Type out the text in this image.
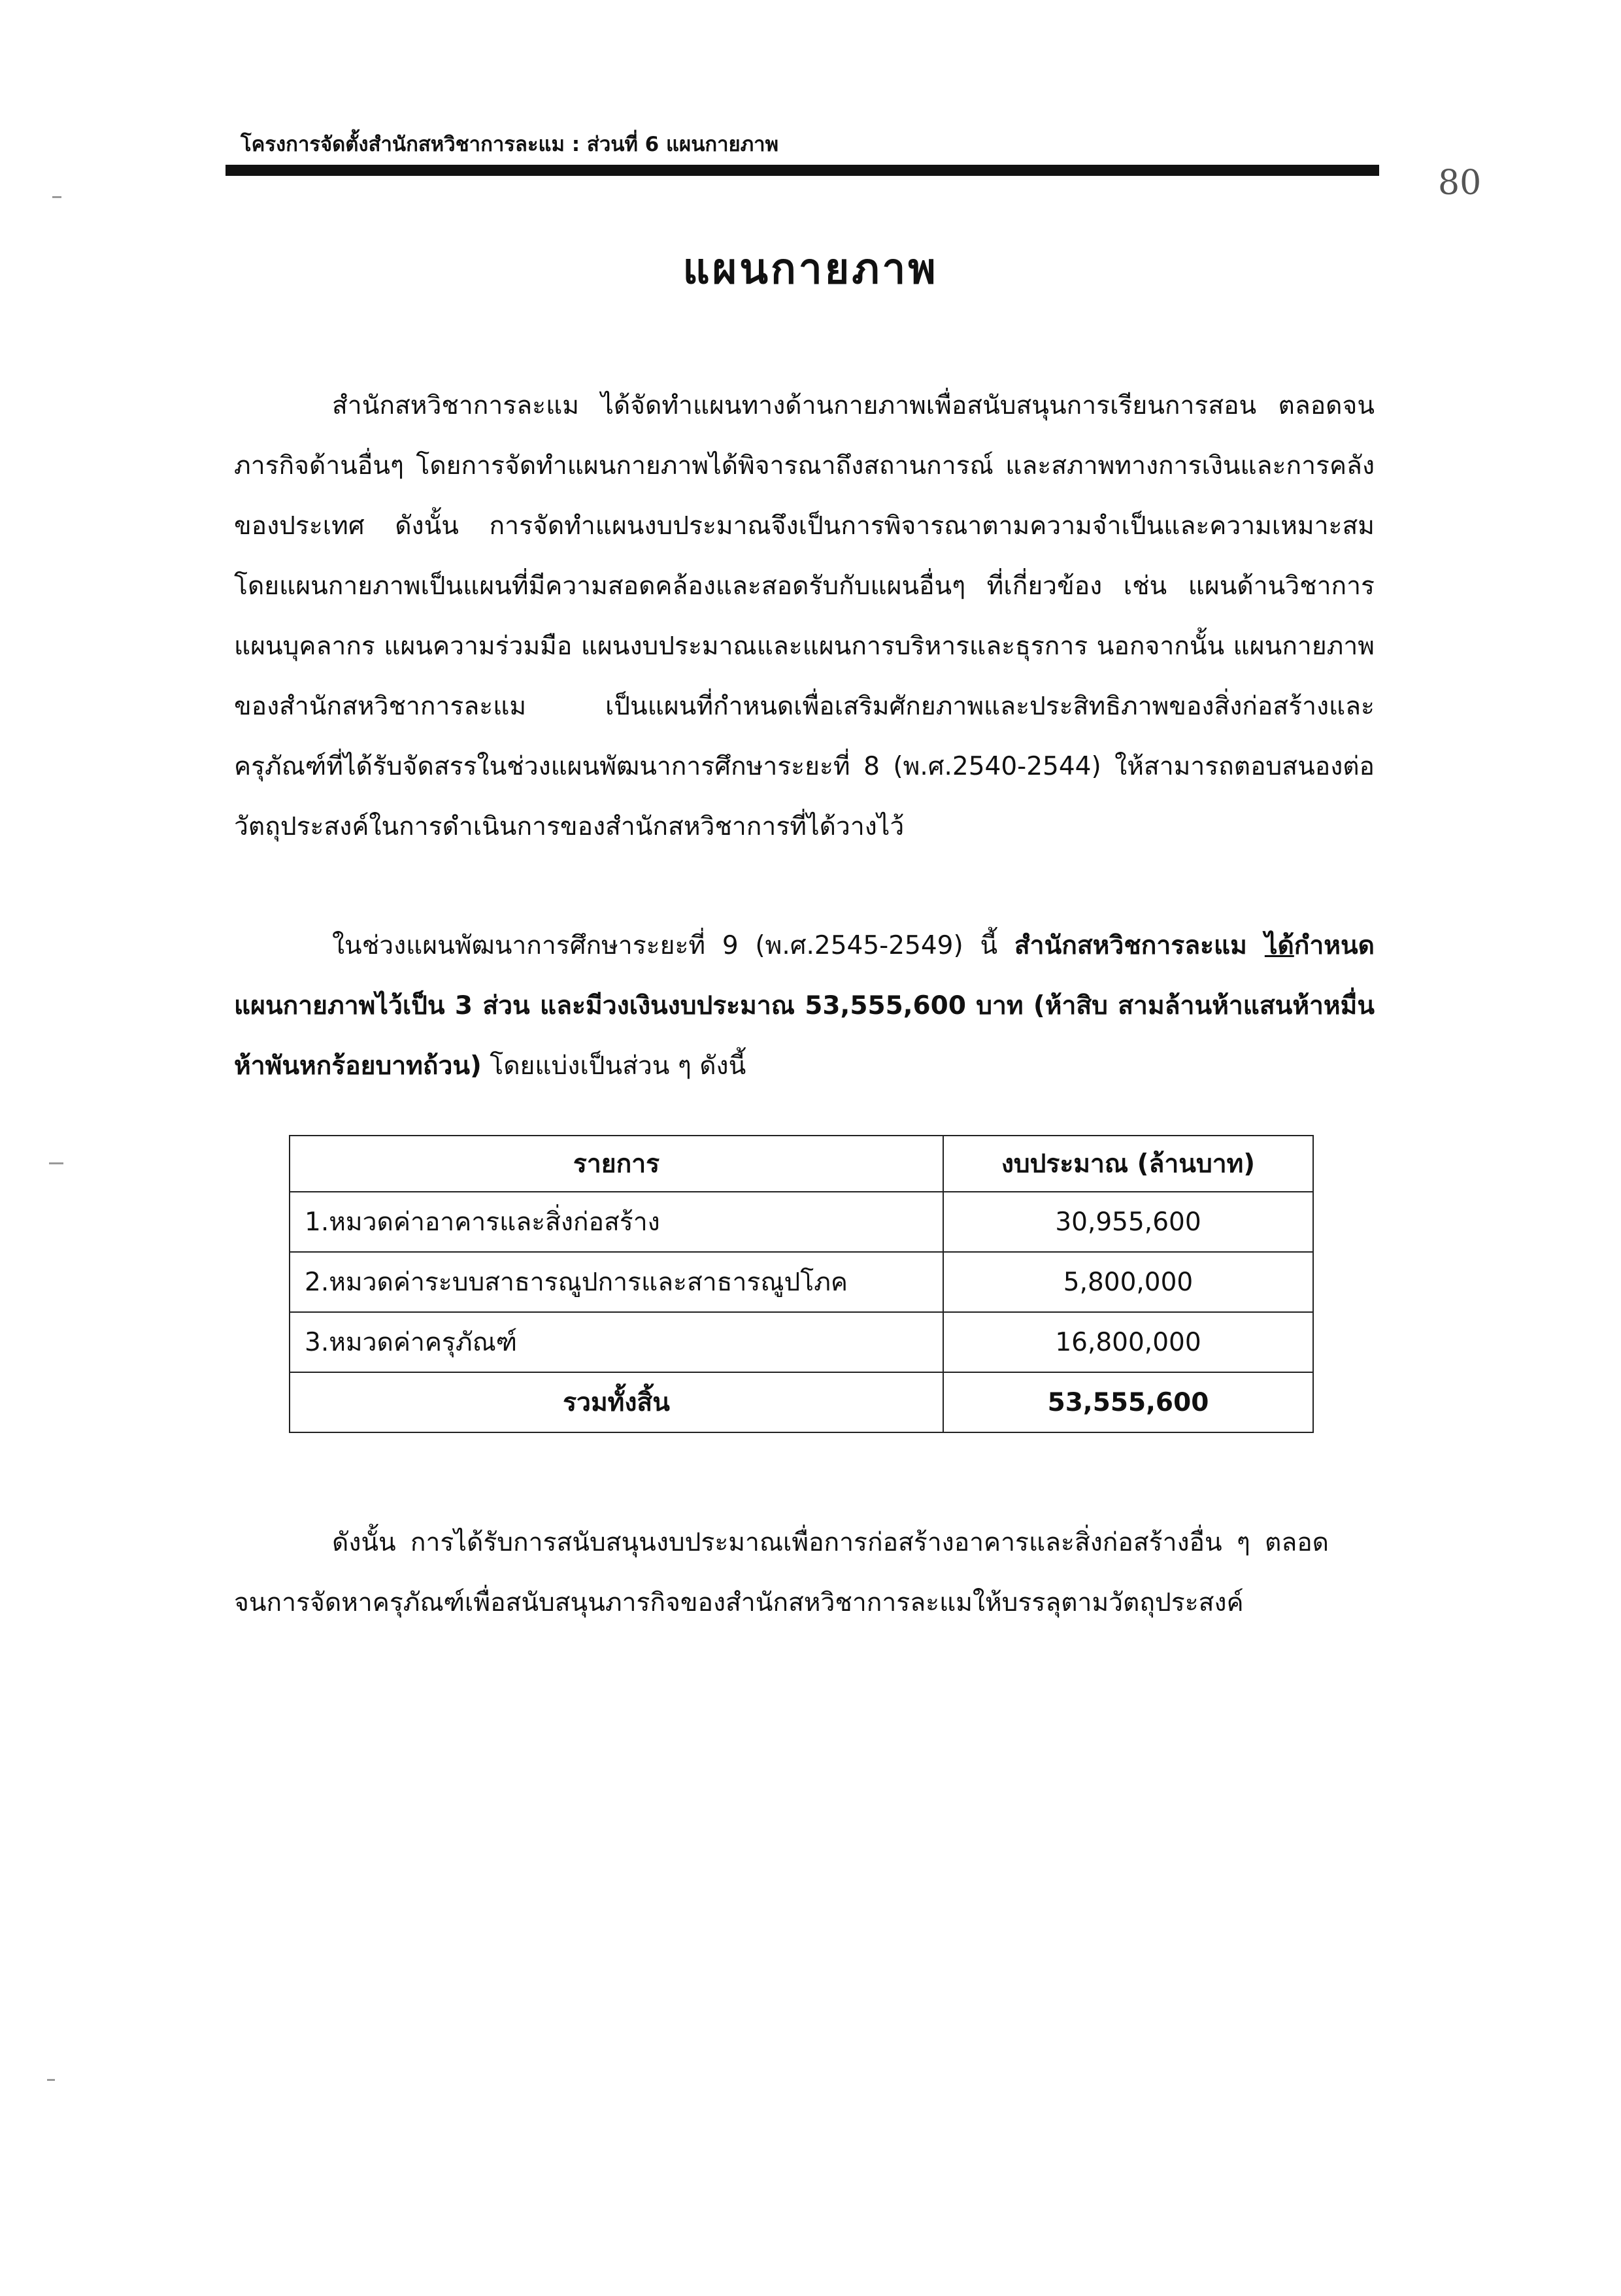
โครงการจัดตั้งสำนักสหวิชาการละแม : ส่วนที่ 6 แผนกายภาพ
80
แผนกายภาพ

สำนักสหวิชาการละแม ได้จัดทำแผนทางด้านกายภาพเพื่อสนับสนุนการเรียนการสอน ตลอดจนภารกิจด้านอื่นๆ โดยการจัดทำแผนกายภาพได้พิจารณาถึงสถานการณ์ และสภาพทางการเงินและการคลังของประเทศ ดังนั้น การจัดทำแผนงบประมาณจึงเป็นการพิจารณาตามความจำเป็นและความเหมาะสม โดยแผนกายภาพเป็นแผนที่มีความสอดคล้องและสอดรับกับแผนอื่นๆ ที่เกี่ยวข้อง เช่น แผนด้านวิชาการ แผนบุคลากร แผนความร่วมมือ แผนงบประมาณและแผนการบริหารและธุรการ นอกจากนั้น แผนกายภาพของสำนักสหวิชาการละแม เป็นแผนที่กำหนดเพื่อเสริมศักยภาพและประสิทธิภาพของสิ่งก่อสร้างและครุภัณฑ์ที่ได้รับจัดสรรในช่วงแผนพัฒนาการศึกษาระยะที่ 8 (พ.ศ.2540-2544) ให้สามารถตอบสนองต่อวัตถุประสงค์ในการดำเนินการของสำนักสหวิชาการที่ได้วางไว้

ในช่วงแผนพัฒนาการศึกษาระยะที่ 9 (พ.ศ.2545-2549) นี้ สำนักสหวิชการละแม ได้กำหนดแผนกายภาพไว้เป็น 3 ส่วน และมีวงเงินงบประมาณ 53,555,600 บาท (ห้าสิบ สามล้านห้าแสนห้าหมื่นห้าพันหกร้อยบาทถ้วน) โดยแบ่งเป็นส่วน ๆ ดังนี้

รายการ	งบประมาณ (ล้านบาท)
1.หมวดค่าอาคารและสิ่งก่อสร้าง	30,955,600
2.หมวดค่าระบบสาธารณูปการและสาธารณูปโภค	5,800,000
3.หมวดค่าครุภัณฑ์	16,800,000
รวมทั้งสิ้น	53,555,600

ดังนั้น การได้รับการสนับสนุนงบประมาณเพื่อการก่อสร้างอาคารและสิ่งก่อสร้างอื่น ๆ ตลอดจนการจัดหาครุภัณฑ์เพื่อสนับสนุนภารกิจของสำนักสหวิชาการละแมให้บรรลุตามวัตถุประสงค์
